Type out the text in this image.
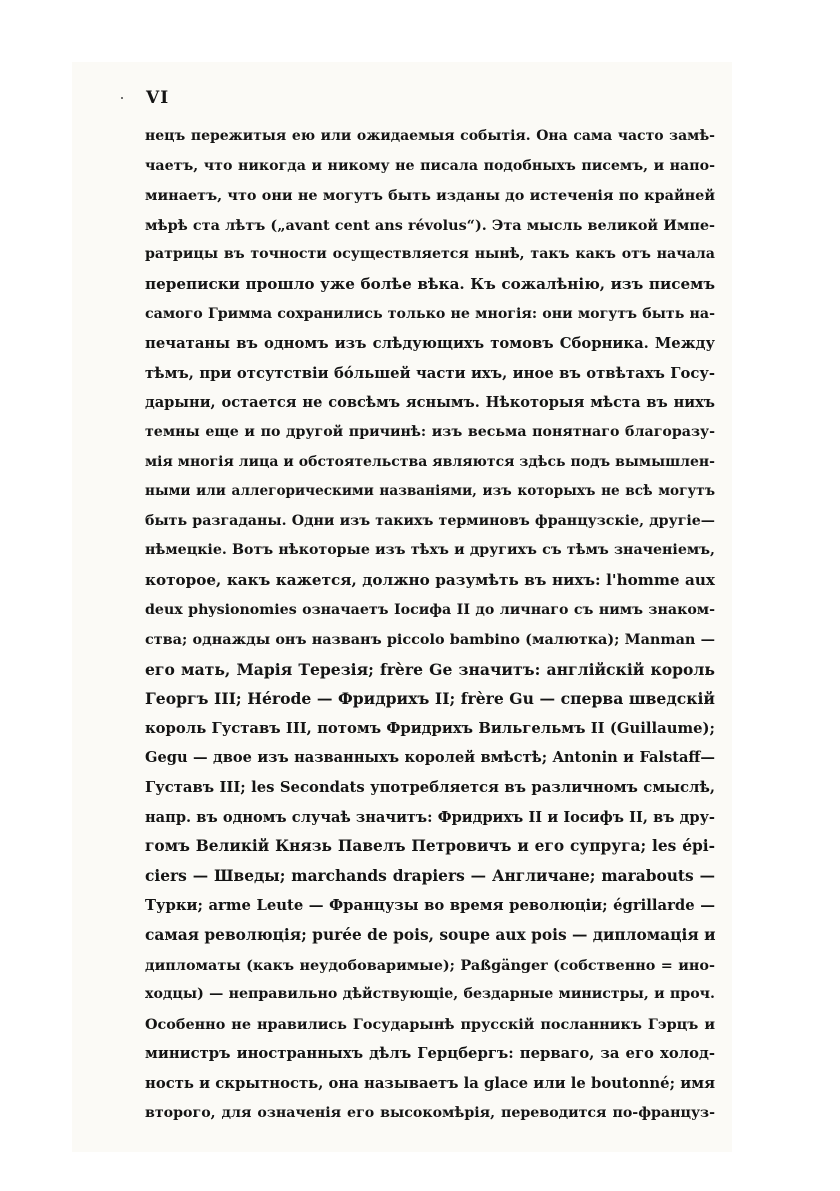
VI
нецъ пережитыя ею или ожидаемыя событія. Она сама часто замѣ-
чаетъ, что никогда и никому не писала подобныхъ писемъ, и напо-
минаетъ, что они не могутъ быть изданы до истеченія по крайней
мѣрѣ ста лѣтъ („avant cent ans révolus“). Эта мысль великой Импе-
ратрицы въ точности осуществляется нынѣ, такъ какъ отъ начала
переписки прошло уже болѣе вѣка. Къ сожалѣнію, изъ писемъ
самого Гримма сохранились только не многія: они могутъ быть на-
печатаны въ одномъ изъ слѣдующихъ томовъ Сборника. Между
тѣмъ, при отсутствіи бóльшей части ихъ, иное въ отвѣтахъ Госу-
дарыни, остается не совсѣмъ яснымъ. Нѣкоторыя мѣста въ нихъ
темны еще и по другой причинѣ: изъ весьма понятнаго благоразу-
мія многія лица и обстоятельства являются здѣсь подъ вымышлен-
ными или аллегорическими названіями, изъ которыхъ не всѣ могутъ
быть разгаданы. Одни изъ такихъ терминовъ французскіе, другіе—
нѣмецкіе. Вотъ нѣкоторые изъ тѣхъ и другихъ съ тѣмъ значеніемъ,
которое, какъ кажется, должно разумѣть въ нихъ: l'homme aux
deux physionomies означаетъ Іосифа II до личнаго съ нимъ знаком-
ства; однажды онъ названъ piccolo bambino (малютка); Manman —
его мать, Марія Терезія; frère Ge значитъ: англійскій король
Георгъ III; Hérode — Фридрихъ II; frère Gu — сперва шведскій
король Густавъ III, потомъ Фридрихъ Вильгельмъ II (Guillaume);
Gegu — двое изъ названныхъ королей вмѣстѣ; Antonin и Falstaff—
Густавъ III; les Secondats употребляется въ различномъ смыслѣ,
напр. въ одномъ случаѣ значитъ: Фридрихъ II и Іосифъ II, въ дру-
гомъ Великій Князь Павелъ Петровичъ и его супруга; les épi-
ciers — Шведы; marchands drapiers — Англичане; marabouts —
Турки; arme Leute — Французы во время революціи; égrillarde —
самая революція; purée de pois, soupe aux pois — дипломація и
дипломаты (какъ неудобоваримые); Paßgänger (собственно = ино-
ходцы) — неправильно дѣйствующіе, бездарные министры, и проч.
Особенно не нравились Государынѣ прусскій посланникъ Гэрцъ и
министръ иностранныхъ дѣлъ Герцбергъ: перваго, за его холод-
ность и скрытность, она называетъ la glace или le boutonné; имя
второго, для означенія его высокомѣрія, переводится по-француз-
